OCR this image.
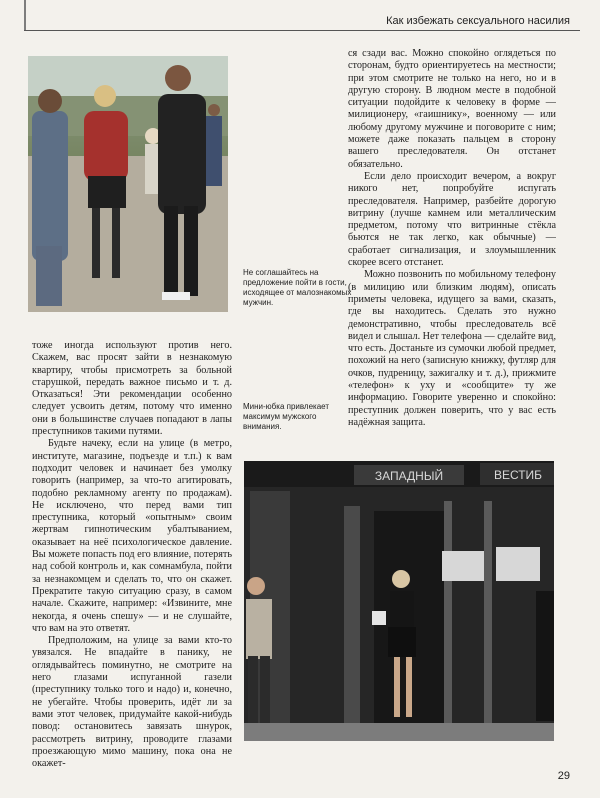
Как избежать сексуального насилия
Не соглашайтесь на предложение пойти в гости, исходящее от малознакомых мужчин.
Мини-юбка привлекает максимум мужского внимания.

тоже иногда используют против него. Скажем, вас просят зайти в незнакомую квартиру, чтобы присмотреть за больной старушкой, передать важное письмо и т. д. Отказаться! Эти рекомендации особенно следует усвоить детям, потому что именно они в большинстве случаев попадают в лапы преступников такими путями.

Будьте начеку, если на улице (в метро, институте, магазине, подъезде и т.п.) к вам подходит человек и начинает без умолку говорить (например, за что-то агитировать, подобно рекламному агенту по продажам). Не исключено, что перед вами тип преступника, который «опытным» своим жертвам гипнотическим убалтыванием, оказывает на неё психологическое давление. Вы можете попасть под его влияние, потерять над собой контроль и, как сомнамбула, пойти за незнакомцем и сделать то, что он скажет. Прекратите такую ситуацию сразу, в самом начале. Скажите, например: «Извините, мне некогда, я очень спешу» — и не слушайте, что вам на это ответят.

Предположим, на улице за вами кто-то увязался. Не впадайте в панику, не оглядывайтесь поминутно, не смотрите на него глазами испуганной газели (преступнику только того и надо) и, конечно, не убегайте. Чтобы проверить, идёт ли за вами этот человек, придумайте какой-нибудь повод: остановитесь завязать шнурок, рассмотреть витрину, проводите глазами проезжающую мимо машину, пока она не окажет-

ся сзади вас. Можно спокойно оглядеться по сторонам, будто ориентируетесь на местности; при этом смотрите не только на него, но и в другую сторону. В людном месте в подобной ситуации подойдите к человеку в форме — милиционеру, «гаишнику», военному — или любому другому мужчине и поговорите с ним; можете даже показать пальцем в сторону вашего преследователя. Он отстанет обязательно.

Если дело происходит вечером, а вокруг никого нет, попробуйте испугать преследователя. Например, разбейте дорогую витрину (лучше камнем или металлическим предметом, потому что витринные стёкла бьются не так легко, как обычные) — сработает сигнализация, и злоумышленник скорее всего отстанет.

Можно позвонить по мобильному телефону (в милицию или близким людям), описать приметы человека, идущего за вами, сказать, где вы находитесь. Сделать это нужно демонстративно, чтобы преследователь всё видел и слышал. Нет телефона — сделайте вид, что есть. Достаньте из сумочки любой предмет, похожий на него (записную книжку, футляр для очков, пудреницу, зажигалку и т. д.), прижмите «телефон» к уху и «сообщите» ту же информацию. Говорите уверенно и спокойно: преступник должен поверить, что у вас есть надёжная защита.

ЗАПАДНЫЙ	ВЕСТИБ
29
